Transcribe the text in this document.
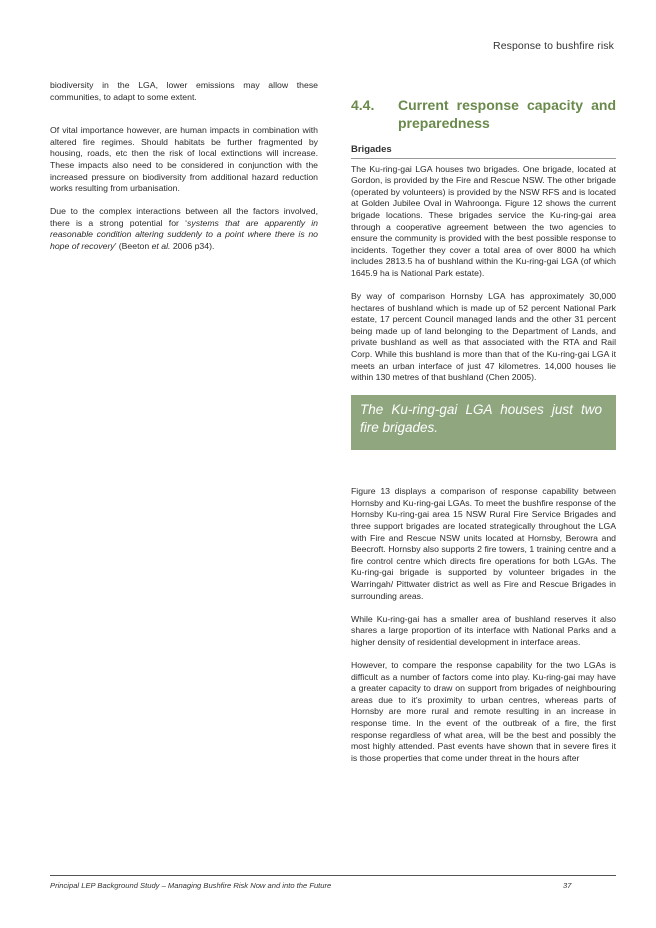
Response to bushfire risk

biodiversity in the LGA, lower emissions may allow these communities, to adapt to some extent.

Of vital importance however, are human impacts in combination with altered fire regimes. Should habitats be further fragmented by housing, roads, etc then the risk of local extinctions will increase. These impacts also need to be considered in conjunction with the increased pressure on biodiversity from additional hazard reduction works resulting from urbanisation.

Due to the complex interactions between all the factors involved, there is a strong potential for ‘systems that are apparently in reasonable condition altering suddenly to a point where there is no hope of recovery’ (Beeton et al. 2006 p34).

4.4.	Current response capacity and preparedness
Brigades

The Ku-ring-gai LGA houses two brigades. One brigade, located at Gordon, is provided by the Fire and Rescue NSW. The other brigade (operated by volunteers) is provided by the NSW RFS and is located at Golden Jubilee Oval in Wahroonga. Figure 12 shows the current brigade locations. These brigades service the Ku-ring-gai area through a cooperative agreement between the two agencies to ensure the community is provided with the best possible response to incidents. Together they cover a total area of over 8000 ha which includes 2813.5 ha of bushland within the Ku-ring-gai LGA (of which 1645.9 ha is National Park estate).

By way of comparison Hornsby LGA has approximately 30,000 hectares of bushland which is made up of 52 percent National Park estate, 17 percent Council managed lands and the other 31 percent being made up of land belonging to the Department of Lands, and private bushland as well as that associated with the RTA and Rail Corp. While this bushland is more than that of the Ku-ring-gai LGA it meets an urban interface of just 47 kilometres. 14,000 houses lie within 130 metres of that bushland (Chen 2005).

The Ku-ring-gai LGA houses just two fire brigades.

Figure 13 displays a comparison of response capability between Hornsby and Ku-ring-gai LGAs. To meet the bushfire response of the Hornsby Ku-ring-gai area 15 NSW Rural Fire Service Brigades and three support brigades are located strategically throughout the LGA with Fire and Rescue NSW units located at Hornsby, Berowra and Beecroft. Hornsby also supports 2 fire towers, 1 training centre and a fire control centre which directs fire operations for both LGAs. The Ku-ring-gai brigade is supported by volunteer brigades in the Warringah/ Pittwater district as well as Fire and Rescue Brigades in surrounding areas.

While Ku-ring-gai has a smaller area of bushland reserves it also shares a large proportion of its interface with National Parks and a higher density of residential development in interface areas.

However, to compare the response capability for the two LGAs is difficult as a number of factors come into play. Ku-ring-gai may have a greater capacity to draw on support from brigades of neighbouring areas due to it’s proximity to urban centres, whereas parts of Hornsby are more rural and remote resulting in an increase in response time. In the event of the outbreak of a fire, the first response regardless of what area, will be the best and possibly the most highly attended. Past events have shown that in severe fires it is those properties that come under threat in the hours after

Principal LEP Background Study – Managing Bushfire Risk Now and into the Future	37
